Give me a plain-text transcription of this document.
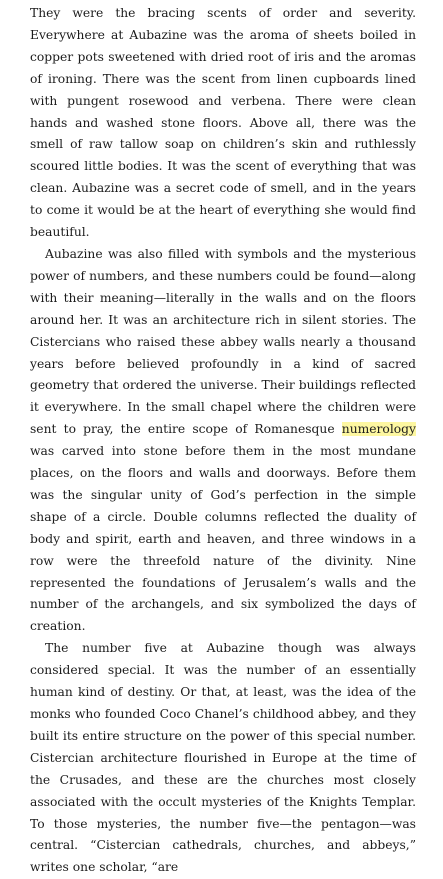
They were the bracing scents of order and severity. Everywhere at Aubazine was the aroma of sheets boiled in copper pots sweetened with dried root of iris and the aromas of ironing. There was the scent from linen cupboards lined with pungent rosewood and verbena. There were clean hands and washed stone floors. Above all, there was the smell of raw tallow soap on children’s skin and ruthlessly scoured little bodies. It was the scent of everything that was clean. Aubazine was a secret code of smell, and in the years to come it would be at the heart of everything she would find beautiful.

Aubazine was also filled with symbols and the mysterious power of numbers, and these numbers could be found—along with their meaning—literally in the walls and on the floors around her. It was an architecture rich in silent stories. The Cistercians who raised these abbey walls nearly a thousand years before believed profoundly in a kind of sacred geometry that ordered the universe. Their buildings reflected it everywhere. In the small chapel where the children were sent to pray, the entire scope of Romanesque numerology was carved into stone before them in the most mundane places, on the floors and walls and doorways. Before them was the singular unity of God’s perfection in the simple shape of a circle. Double columns reflected the duality of body and spirit, earth and heaven, and three windows in a row were the threefold nature of the divinity. Nine represented the foundations of Jerusalem’s walls and the number of the archangels, and six symbolized the days of creation.

The number five at Aubazine though was always considered special. It was the number of an essentially human kind of destiny. Or that, at least, was the idea of the monks who founded Coco Chanel’s childhood abbey, and they built its entire structure on the power of this special number. Cistercian architecture flourished in Europe at the time of the Crusades, and these are the churches most closely associated with the occult mysteries of the Knights Templar. To those mysteries, the number five—the pentagon—was central. “Cistercian cathedrals, churches, and abbeys,” writes one scholar, “are
